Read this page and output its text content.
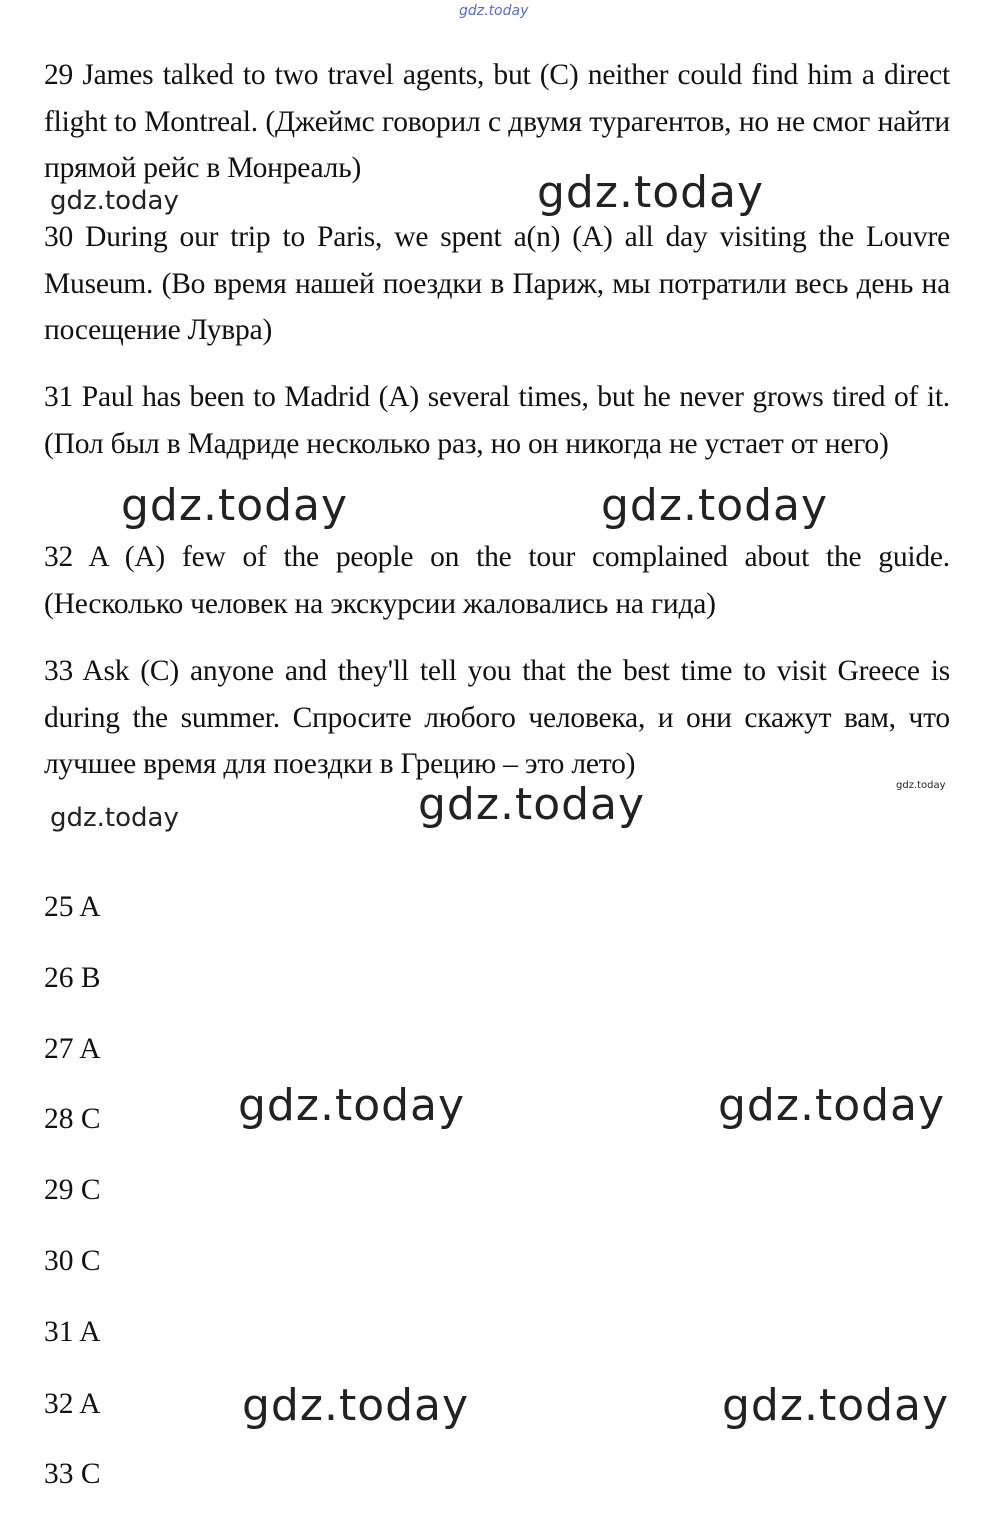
gdz.today

29 James talked to two travel agents, but (C) neither could find him a direct flight to Montreal. (Джеймс говорил с двумя турагентов, но не смог найти прямой рейс в Монреаль)

30 During our trip to Paris, we spent a(n) (A) all day visiting the Louvre Museum. (Во время нашей поездки в Париж, мы потратили весь день на посещение Лувра)

31 Paul has been to Madrid (A) several times, but he never grows tired of it. (Пол был в Мадриде несколько раз, но он никогда не устает от него)

32 A (A) few of the people on the tour complained about the guide. (Несколько человек на экскурсии жаловались на гида)

33 Ask (C) anyone and they'll tell you that the best time to visit Greece is during the summer. Спросите любого человека, и они скажут вам, что лучшее время для поездки в Грецию – это лето)

gdz.today	gdz.today
gdz.today	gdz.today
gdz.today
gdz.today
gdz.today
25 A
26 B
27 A
28 C
29 C
30 C
31 A
32 A
33 C
gdz.today	gdz.today
gdz.today	gdz.today
